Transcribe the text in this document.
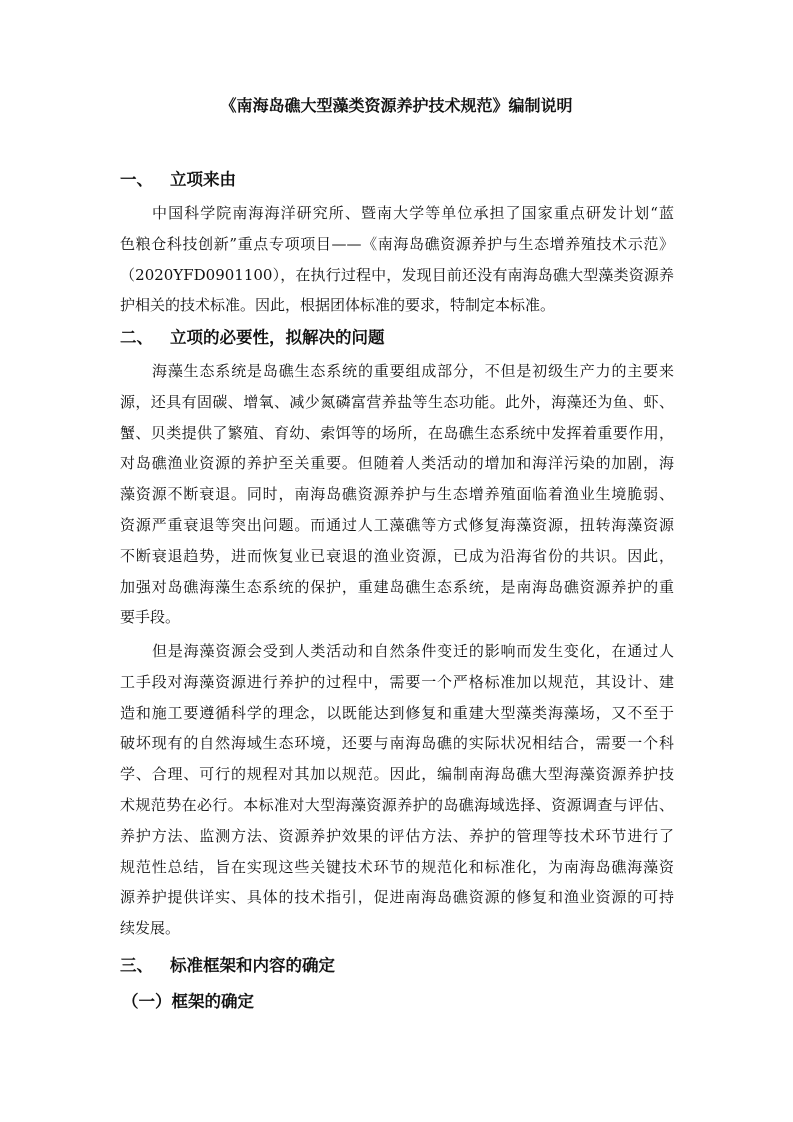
《南海岛礁大型藻类资源养护技术规范》编制说明
一、 立项来由

中国科学院南海海洋研究所、暨南大学等单位承担了国家重点研发计划“蓝
色粮仓科技创新”重点专项项目——《南海岛礁资源养护与生态增养殖技术示范》
（2020YFD0901100），在执行过程中，发现目前还没有南海岛礁大型藻类资源养
护相关的技术标准。因此，根据团体标准的要求，特制定本标准。

二、 立项的必要性，拟解决的问题

海藻生态系统是岛礁生态系统的重要组成部分，不但是初级生产力的主要来
源，还具有固碳、增氧、减少氮磷富营养盐等生态功能。此外，海藻还为鱼、虾、
蟹、贝类提供了繁殖、育幼、索饵等的场所，在岛礁生态系统中发挥着重要作用，
对岛礁渔业资源的养护至关重要。但随着人类活动的增加和海洋污染的加剧，海
藻资源不断衰退。同时，南海岛礁资源养护与生态增养殖面临着渔业生境脆弱、
资源严重衰退等突出问题。而通过人工藻礁等方式修复海藻资源，扭转海藻资源
不断衰退趋势，进而恢复业已衰退的渔业资源，已成为沿海省份的共识。因此，
加强对岛礁海藻生态系统的保护，重建岛礁生态系统，是南海岛礁资源养护的重
要手段。

但是海藻资源会受到人类活动和自然条件变迁的影响而发生变化，在通过人
工手段对海藻资源进行养护的过程中，需要一个严格标准加以规范，其设计、建
造和施工要遵循科学的理念，以既能达到修复和重建大型藻类海藻场，又不至于
破坏现有的自然海域生态环境，还要与南海岛礁的实际状况相结合，需要一个科
学、合理、可行的规程对其加以规范。因此，编制南海岛礁大型海藻资源养护技
术规范势在必行。本标准对大型海藻资源养护的岛礁海域选择、资源调查与评估、
养护方法、监测方法、资源养护效果的评估方法、养护的管理等技术环节进行了
规范性总结，旨在实现这些关键技术环节的规范化和标准化，为南海岛礁海藻资
源养护提供详实、具体的技术指引，促进南海岛礁资源的修复和渔业资源的可持
续发展。

三、 标准框架和内容的确定
（一）框架的确定
